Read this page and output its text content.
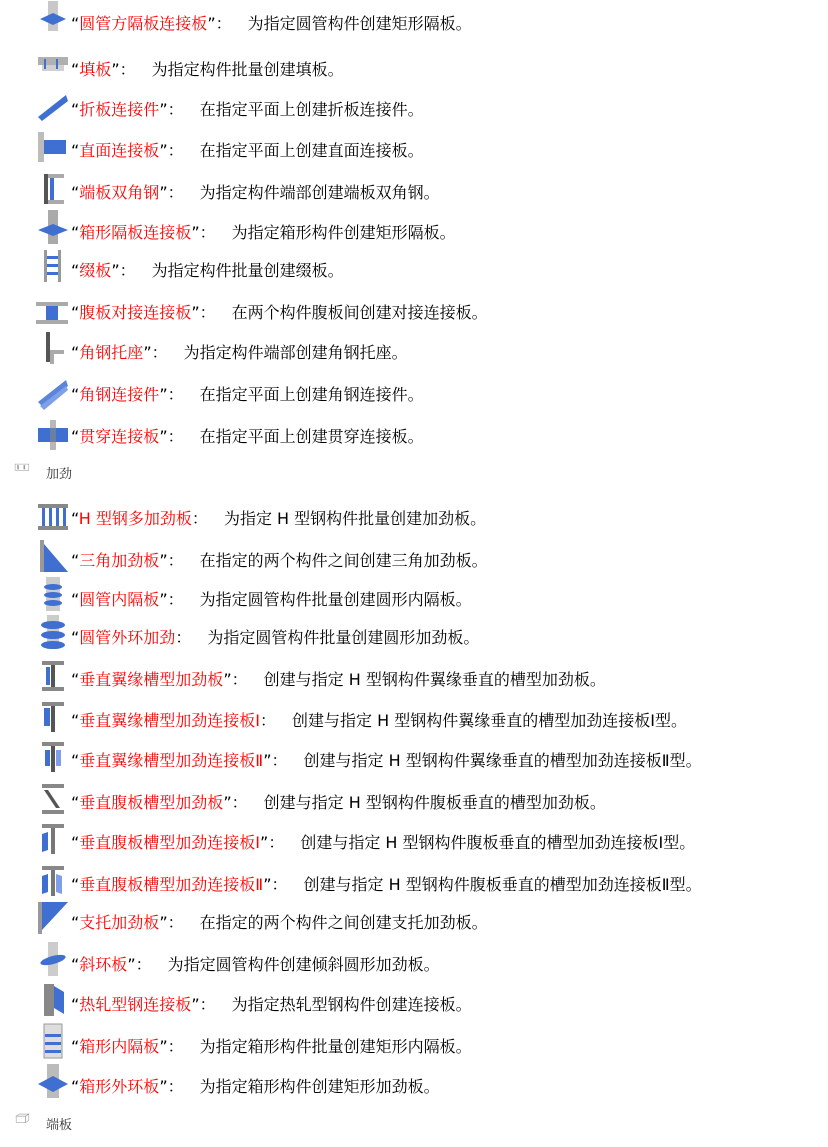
“圆管方隔板连接板”： 为指定圆管构件创建矩形隔板。
“填板”： 为指定构件批量创建填板。
“折板连接件”： 在指定平面上创建折板连接件。
“直面连接板”： 在指定平面上创建直面连接板。
“端板双角钢”： 为指定构件端部创建端板双角钢。
“箱形隔板连接板”： 为指定箱形构件创建矩形隔板。
“缀板”： 为指定构件批量创建缀板。
“腹板对接连接板”： 在两个构件腹板间创建对接连接板。
“角钢托座”： 为指定构件端部创建角钢托座。
“角钢连接件”： 在指定平面上创建角钢连接件。
“贯穿连接板”： 在指定平面上创建贯穿连接板。
加劲
“H 型钢多加劲板： 为指定 H 型钢构件批量创建加劲板。
“三角加劲板”： 在指定的两个构件之间创建三角加劲板。
“圆管内隔板”： 为指定圆管构件批量创建圆形内隔板。
“圆管外环加劲： 为指定圆管构件批量创建圆形加劲板。
“垂直翼缘槽型加劲板”： 创建与指定 H 型钢构件翼缘垂直的槽型加劲板。
“垂直翼缘槽型加劲连接板Ⅰ： 创建与指定 H 型钢构件翼缘垂直的槽型加劲连接板Ⅰ型。
“垂直翼缘槽型加劲连接板Ⅱ”： 创建与指定 H 型钢构件翼缘垂直的槽型加劲连接板Ⅱ型。
“垂直腹板槽型加劲板”： 创建与指定 H 型钢构件腹板垂直的槽型加劲板。
“垂直腹板槽型加劲连接板Ⅰ”： 创建与指定 H 型钢构件腹板垂直的槽型加劲连接板Ⅰ型。
“垂直腹板槽型加劲连接板Ⅱ”： 创建与指定 H 型钢构件腹板垂直的槽型加劲连接板Ⅱ型。
“支托加劲板”： 在指定的两个构件之间创建支托加劲板。
“斜环板”： 为指定圆管构件创建倾斜圆形加劲板。
“热轧型钢连接板”： 为指定热轧型钢构件创建连接板。
“箱形内隔板”： 为指定箱形构件批量创建矩形内隔板。
“箱形外环板”： 为指定箱形构件创建矩形加劲板。
端板
